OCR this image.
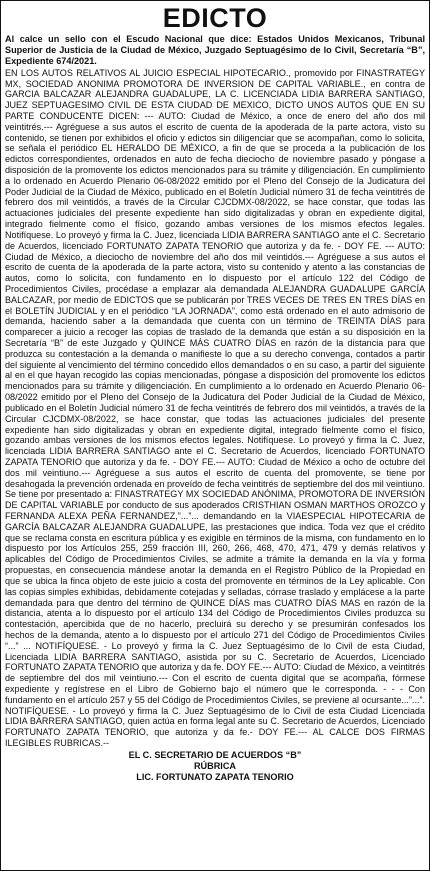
EDICTO

Al calce un sello con el Escudo Nacional que dice: Estados Unidos Mexicanos, Tribunal Superior de Justicia de la Ciudad de México, Juzgado Septuagésimo de lo Civil, Secretaría “B”, Expediente 674/2021.

EN LOS AUTOS RELATIVOS AL JUICIO ESPECIAL HIPOTECARIO., promovido por FINASTRATEGY MX, SOCIEDAD ANONIMA PROMOTORA DE INVERSION DE CAPITAL VARIABLE., en contra de GARCIA BALCAZAR ALEJANDRA GUADALUPE, LA C. LICENCIADA LIDIA BARRERA SANTIAGO, JUEZ SEPTUAGESIMO CIVIL DE ESTA CIUDAD DE MEXICO, DICTO UNOS AUTOS QUE EN SU PARTE CONDUCENTE DICEN: --- AUTO: Ciudad de México, a once de enero del año dos mil veintitrés.--- Agréguese a sus autos el escrito de cuenta de la apoderada de la parte actora, visto su contenido, se tienen por exhibidos el oficio y edictos sin diligenciar que se acompañan, como lo solicita, se señala el periódico EL HERALDO DE MÉXICO, a fin de que se proceda a la publicación de los edictos correspondientes, ordenados en auto de fecha dieciocho de noviembre pasado y póngase a disposición de la promovente los edictos mencionados para su trámite y diligenciación. En cumplimiento a lo ordenado en Acuerdo Plenario 06-08/2022 emitido por el Pleno del Consejo de la Judicatura del Poder Judicial de la Ciudad de México, publicado en el Boletín Judicial número 31 de fecha veintitrés de febrero dos mil veintidós, a través de la Circular CJCDMX-08/2022, se hace constar, que todas las actuaciones judiciales del presente expediente han sido digitalizadas y obran en expediente digital, integrado fielmente como el físico, gozando ambas versiones de los mismos efectos legales. Notifíquese. Lo proveyó y firma la C. Juez, licenciada LIDIA BARRERA SANTIAGO ante el C. Secretario de Acuerdos, licenciado FORTUNATO ZAPATA TENORIO que autoriza y da fe. - DOY FE. --- AUTO: Ciudad de México, a dieciocho de noviembre del año dos mil veintidós.--- Agréguese a sus autos el escrito de cuenta de la apoderada de la parte actora, visto su contenido y atento a las constancias de autos, como lo solicita, con fundamento en lo dispuesto por el artículo 122 del Código de Procedimientos Civiles, procédase a emplazar ala demandada ALEJANDRA GUADALUPE GARCÍA BALCAZAR, por medio de EDICTOS que se publicarán por TRES VECES DE TRES EN TRES DÍAS en el BOLETÍN JUDICIAL y en el periódico “LA JORNADA”, como está ordenado en el auto admisorio de demanda, haciendo saber a la demandada que cuenta con un término de TREINTA DÍAS para comparecer a juicio a recoger las copias de traslado de la demanda que están a su disposición en la Secretaría “B” de este Juzgado y QUINCE MÁS CUATRO DÍAS en razón de la distancia para que produzca su contestación a la demanda o manifieste lo que a su derecho convenga, contados a partir del siguiente al vencimiento del término concedido ellos demandados o en su caso, a partir del siguiente al en el que hayan recogido las copias mencionadas, póngase a disposición del promovente los edictos mencionados para su trámite y diligenciación. En cumplimiento a lo ordenado en Acuerdo Plenario 06-08/2022 emitido por el Pleno del Consejo de la Judicatura del Poder Judicial de la Ciudad de México, publicado en el Boletín Judicial número 31 de fecha veintitrés de febrero dos mil veintidós, a través de la Circular CJCDMX-08/2022, se hace constar, que todas las actuaciones judiciales del presente expediente han sido digitalizadas y obran en expediente digital, integrado fielmente como el físico, gozando ambas versiones de los mismos efectos legales. Notifíquese. Lo proveyó y firma la C. Juez, licenciada LIDIA BARRERA SANTIAGO ante el C. Secretario de Acuerdos, licenciado FORTUNATO ZAPATA TENORIO que autoriza y da fe. - DOY FE.--- AUTO: Ciudad de México a ocho de octubre del dos mil veintiuno.--- Agréguese a sus autos el escrito de cuenta del promovente, se tiene por desahogada la prevención ordenada en proveído de fecha veintitrés de septiembre del dos mil veintiuno. Se tiene por presentado a: FINASTRATEGY MX SOCIEDAD ANÓNIMA, PROMOTORA DE INVERSIÓN DE CAPITAL VARIABLE por conducto de sus apoderados CRISTHIAN OSMAN MARTHOS OROZCO y FERNANDA ALEXA PEÑA FERNANDEZ,”...”... demandando en la VIAESPECIAL HIPOTECARIA de GARCÍA BALCAZAR ALEJANDRA GUADALUPE, las prestaciones que indica. Toda vez que el crédito que se reclama consta en escritura pública y es exigible en términos de la misma, con fundamento en lo dispuesto por los Artículos 255, 259 fracción III, 260, 266, 468, 470, 471, 479 y demás relativos y aplicables del Código de Procedimientos Civiles, se admite a trámite la demanda en la vía y forma propuestas, en consecuencia mándese anotar la demanda en el Registro Público de la Propiedad en que se ubica la finca objeto de este juicio a costa del promovente en términos de la Ley aplicable. Con las copias simples exhibidas, debidamente cotejadas y selladas, córrase traslado y emplácese a la parte demandada para que dentro del término de QUINCE DÍAS mas CUATRO DÍAS MAS en razón de la distancia, atenta a lo dispuesto por el artículo 134 del Código de Procedimientos Civiles produzca su contestación, apercibida que de no hacerlo, precluirá su derecho y se presumirán confesados los hechos de la demanda, atento a lo dispuesto por el artículo 271 del Código de Procedimientos Civiles “...” ... NOTIFÍQUESE. - Lo proveyó y firma la C. Juez Septuagésimo de lo Civil de esta Ciudad, Licenciada LIDIA BARRERA SANTIAGO, asistida por su C. Secretario de Acuerdos, Licenciado FORTUNATO ZAPATA TENORIO que autoriza y da fe. DOY FE.--- AUTO: Ciudad de México, a veintitrés de septiembre del dos mil veintiuno.--- Con el escrito de cuenta digital que se acompaña, fórmese expediente y regístrese en el Libro de Gobierno bajo el número que le corresponda. - - - Con fundamento en el artículo 257 y 55 del Código de Procedimientos Civiles, se previene al ocursante...”...”. NOTIFÍQUESE. - Lo proveyó y firma la C. Juez Septuagésimo de lo Civil de esta Ciudad Licenciada LIDIA BARRERA SANTIAGO, quien actúa en forma legal ante su C. Secretario de Acuerdos, Licenciado FORTUNATO ZAPATA TENORIO, que autoriza y da fe.- DOY FE.--- AL CALCE DOS FIRMAS ILEGIBLES RUBRICAS.--

EL C. SECRETARIO DE ACUERDOS “B”
RÚBRICA
LIC. FORTUNATO ZAPATA TENORIO
